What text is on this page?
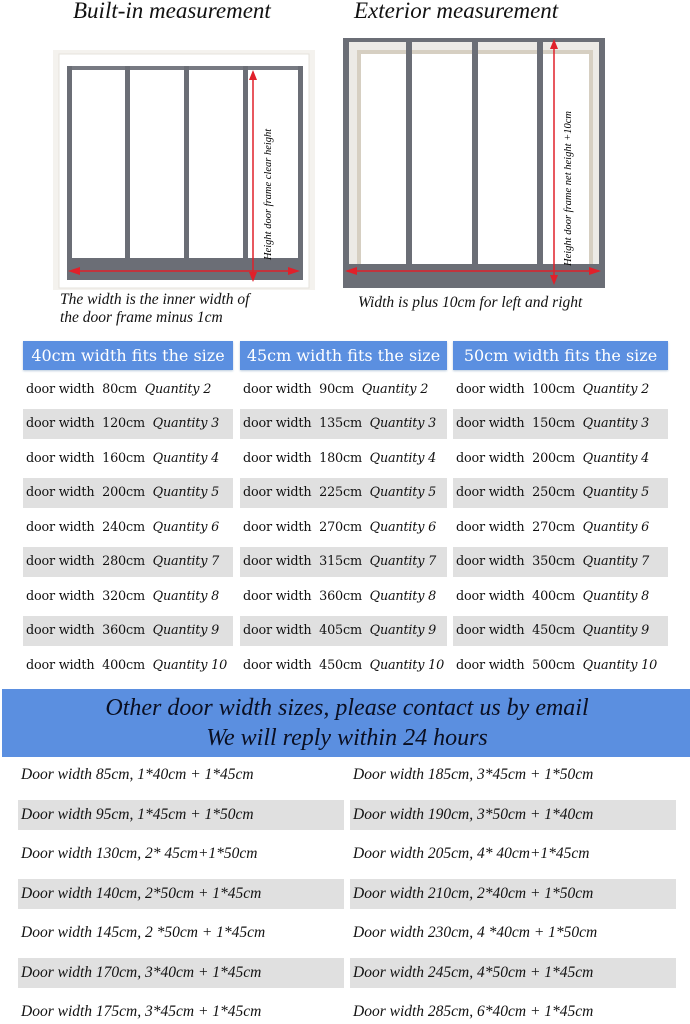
Built-in measurement	Exterior measurement
Height door frame clear height	Height door frame net height +10cm
The width is the inner width of
the door frame minus 1cm
Width is plus 10cm for left and right
40cm width fits the size
door width 80cm Quantity 2
door width 120cm Quantity 3
door width 160cm Quantity 4
door width 200cm Quantity 5
door width 240cm Quantity 6
door width 280cm Quantity 7
door width 320cm Quantity 8
door width 360cm Quantity 9
door width 400cm Quantity 10
45cm width fits the size
door width 90cm Quantity 2
door width 135cm Quantity 3
door width 180cm Quantity 4
door width 225cm Quantity 5
door width 270cm Quantity 6
door width 315cm Quantity 7
door width 360cm Quantity 8
door width 405cm Quantity 9
door width 450cm Quantity 10
50cm width fits the size
door width 100cm Quantity 2
door width 150cm Quantity 3
door width 200cm Quantity 4
door width 250cm Quantity 5
door width 270cm Quantity 6
door width 350cm Quantity 7
door width 400cm Quantity 8
door width 450cm Quantity 9
door width 500cm Quantity 10
Other door width sizes, please contact us by email
We will reply within 24 hours
Door width 85cm, 1*40cm + 1*45cm
Door width 95cm, 1*45cm + 1*50cm
Door width 130cm, 2* 45cm+1*50cm
Door width 140cm, 2*50cm + 1*45cm
Door width 145cm, 2 *50cm + 1*45cm
Door width 170cm, 3*40cm + 1*45cm
Door width 175cm, 3*45cm + 1*45cm
Door width 185cm, 3*45cm + 1*50cm
Door width 190cm, 3*50cm + 1*40cm
Door width 205cm, 4* 40cm+1*45cm
Door width 210cm, 2*40cm + 1*50cm
Door width 230cm, 4 *40cm + 1*50cm
Door width 245cm, 4*50cm + 1*45cm
Door width 285cm, 6*40cm + 1*45cm
